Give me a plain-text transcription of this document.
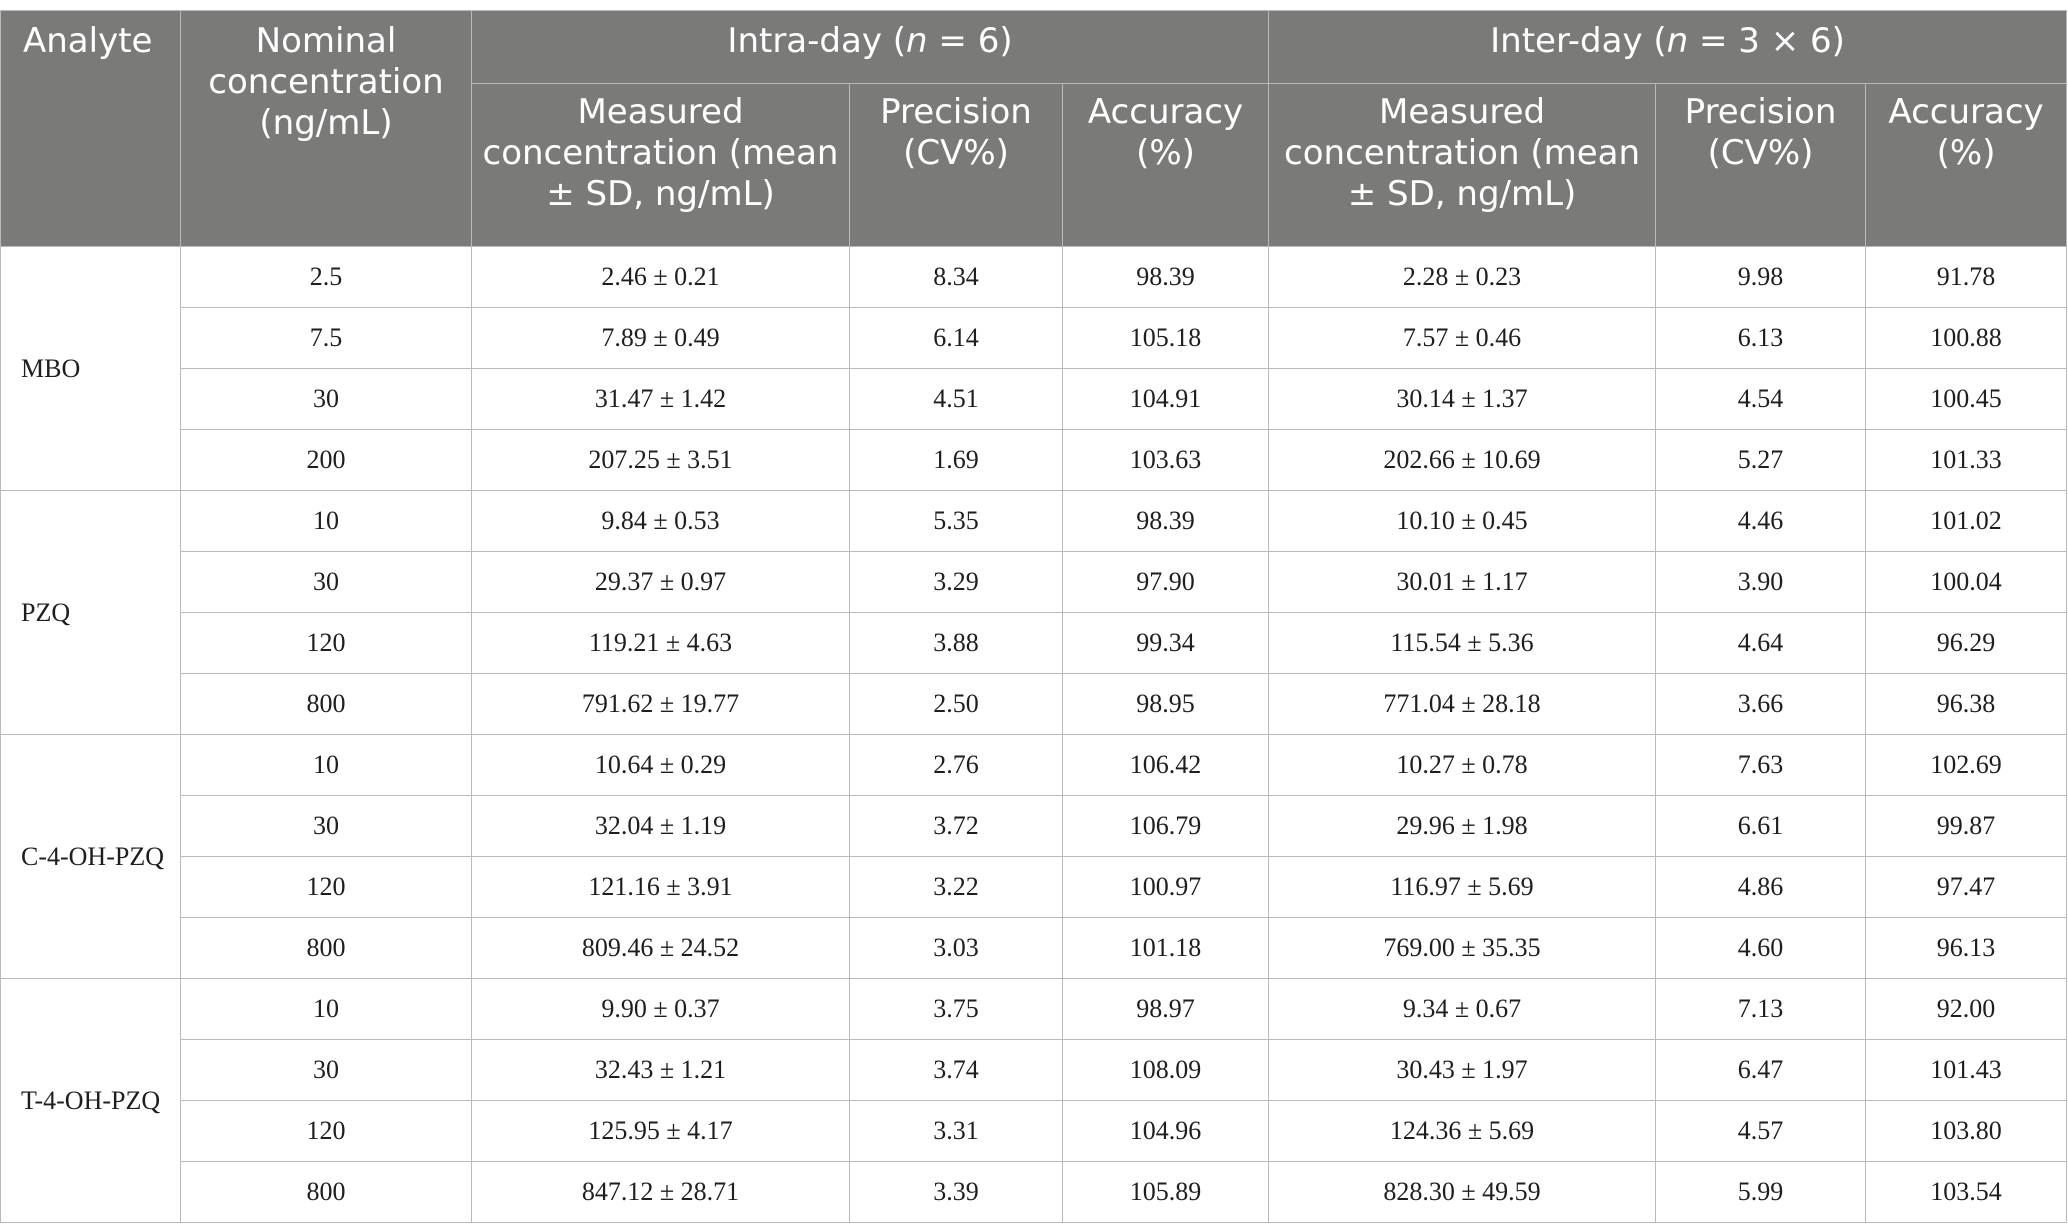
Analyte	Nominal concentration (ng/mL)	Intra-day (n = 6)			Inter-day (n = 3 × 6)		
		Measured concentration (mean ± SD, ng/mL)	Precision (CV%)	Accuracy (%)	Measured concentration (mean ± SD, ng/mL)	Precision (CV%)	Accuracy (%)
MBO	2.5	2.46 ± 0.21	8.34	98.39	2.28 ± 0.23	9.98	91.78
	7.5	7.89 ± 0.49	6.14	105.18	7.57 ± 0.46	6.13	100.88
	30	31.47 ± 1.42	4.51	104.91	30.14 ± 1.37	4.54	100.45
	200	207.25 ± 3.51	1.69	103.63	202.66 ± 10.69	5.27	101.33
PZQ	10	9.84 ± 0.53	5.35	98.39	10.10 ± 0.45	4.46	101.02
	30	29.37 ± 0.97	3.29	97.90	30.01 ± 1.17	3.90	100.04
	120	119.21 ± 4.63	3.88	99.34	115.54 ± 5.36	4.64	96.29
	800	791.62 ± 19.77	2.50	98.95	771.04 ± 28.18	3.66	96.38
C-4-OH-PZQ	10	10.64 ± 0.29	2.76	106.42	10.27 ± 0.78	7.63	102.69
	30	32.04 ± 1.19	3.72	106.79	29.96 ± 1.98	6.61	99.87
	120	121.16 ± 3.91	3.22	100.97	116.97 ± 5.69	4.86	97.47
	800	809.46 ± 24.52	3.03	101.18	769.00 ± 35.35	4.60	96.13
T-4-OH-PZQ	10	9.90 ± 0.37	3.75	98.97	9.34 ± 0.67	7.13	92.00
	30	32.43 ± 1.21	3.74	108.09	30.43 ± 1.97	6.47	101.43
	120	125.95 ± 4.17	3.31	104.96	124.36 ± 5.69	4.57	103.80
	800	847.12 ± 28.71	3.39	105.89	828.30 ± 49.59	5.99	103.54
